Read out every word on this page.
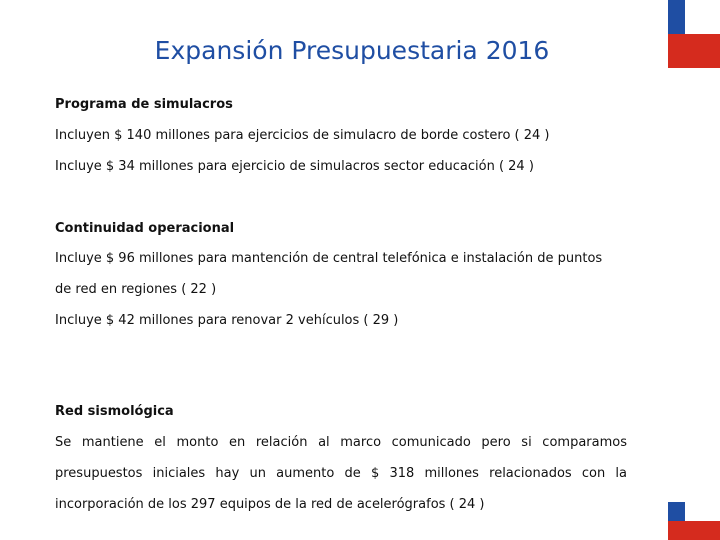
Expansión Presupuestaria 2016

Programa de simulacros

Incluyen $ 140 millones para ejercicios de simulacro de borde costero ( 24 )

Incluye $ 34 millones para ejercicio de simulacros sector educación ( 24 )

Continuidad operacional

Incluye $ 96 millones para mantención de central telefónica e instalación de puntos

de red en regiones ( 22 )

Incluye $ 42 millones para renovar 2 vehículos ( 29 )

Red sismológica

Se mantiene el monto en relación al marco comunicado pero si comparamos

presupuestos iniciales hay un aumento de $ 318 millones relacionados con la

incorporación de los 297 equipos de la red de acelerógrafos ( 24 )
